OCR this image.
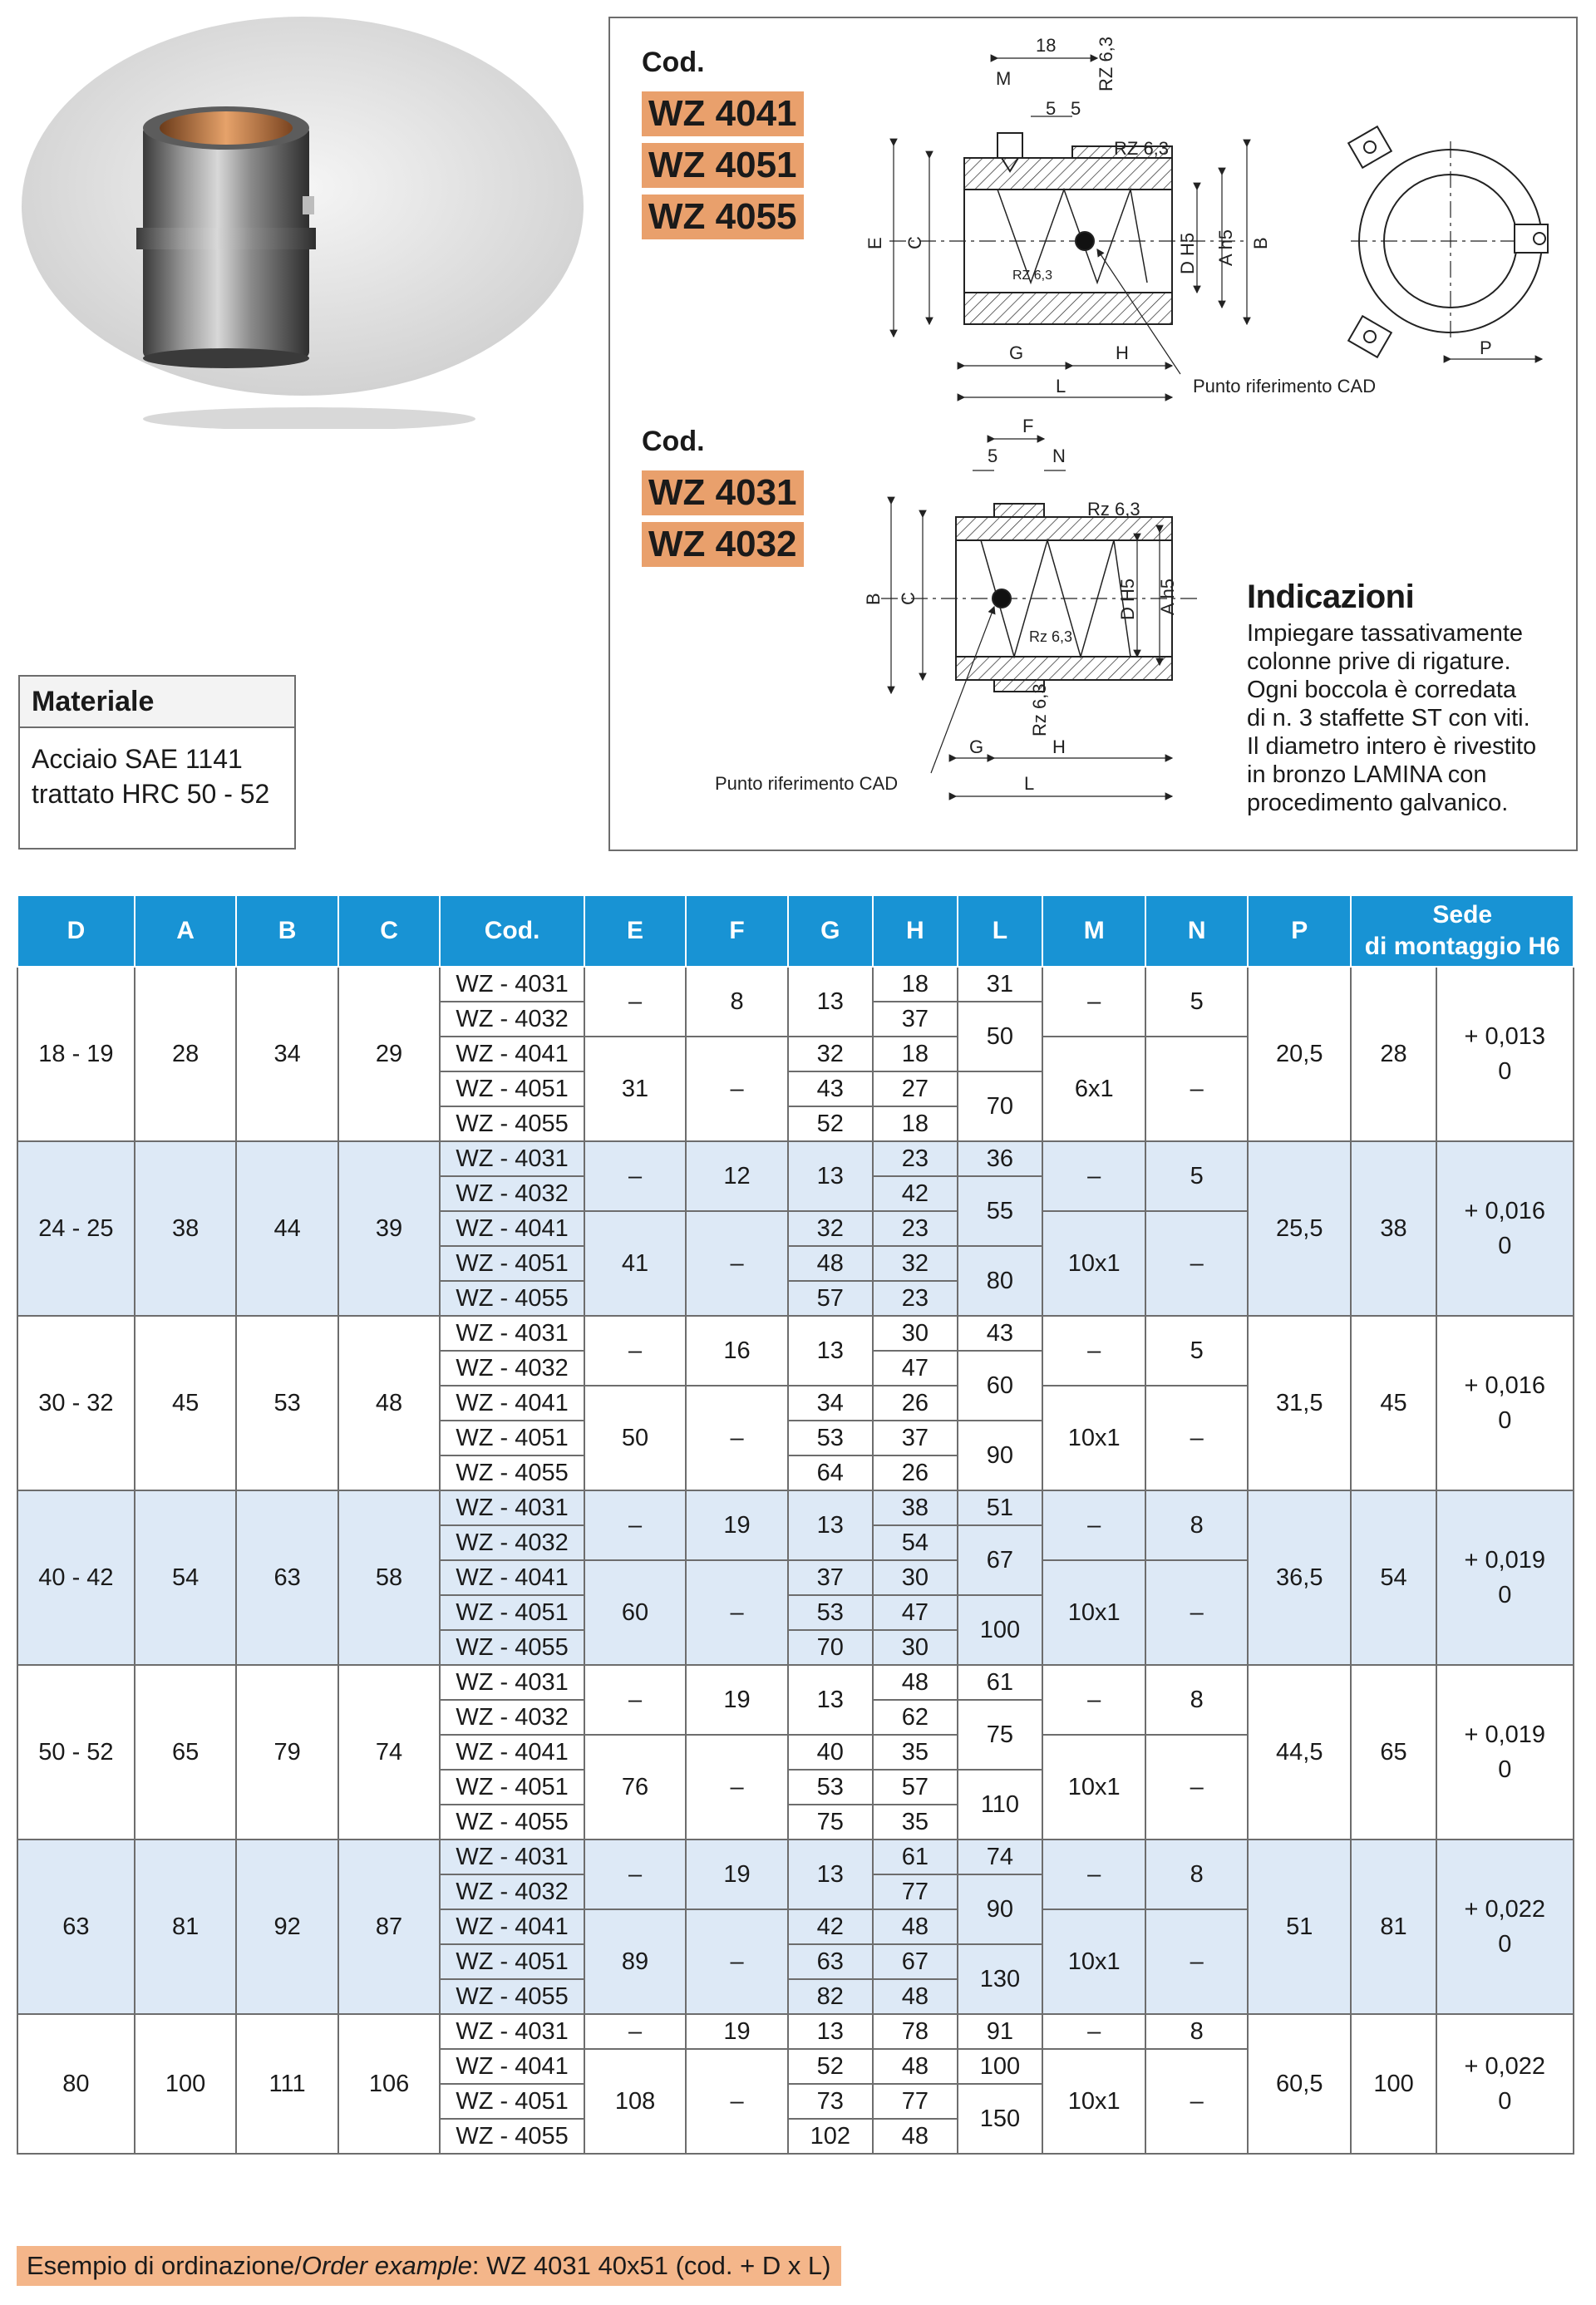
Materiale
Acciaio SAE 1141
trattato HRC 50 - 52
Cod.
WZ 4041
WZ 4051
WZ 4055
Cod.
WZ 4031
WZ 4032
18
M
5 5
RZ 6,3
RZ 6,3
RZ 6,3
E C	D H5 A h5 B
G	H
L	Punto riferimento CAD
P
F
5	N
Rz 6,3
Rz 6,3
Rz 6,3
B C	D H5 A h5
G	H
L
Punto riferimento CAD
Indicazioni
Impiegare tassativamente
colonne prive di rigature.
Ogni boccola è corredata
di n. 3 staffette ST con viti.
Il diametro intero è rivestito
in bronzo LAMINA con
procedimento galvanico.
D	A	B	C	Cod.	E	F	G	H	L	M	N	P	Sede
di montaggio H6	

18 - 19	28	34	29	WZ - 4031	–	8	13	18	31	–	5	20,5	28	+ 0,013
0

				WZ - 4032				37	50					
				WZ - 4041	31	–	32	18		6x1	–			
				WZ - 4051			43	27	70					
				WZ - 4055			52	18						
24 - 25	38	44	39	WZ - 4031	–	12	13	23	36	–	5	25,5	38	+ 0,016
0

				WZ - 4032				42	55					
				WZ - 4041	41	–	32	23		10x1	–			
				WZ - 4051			48	32	80					
				WZ - 4055			57	23						
30 - 32	45	53	48	WZ - 4031	–	16	13	30	43	–	5	31,5	45	+ 0,016
0

				WZ - 4032				47	60					
				WZ - 4041	50	–	34	26		10x1	–			
				WZ - 4051			53	37	90					
				WZ - 4055			64	26						
40 - 42	54	63	58	WZ - 4031	–	19	13	38	51	–	8	36,5	54	+ 0,019
0

				WZ - 4032				54	67					
				WZ - 4041	60	–	37	30		10x1	–			
				WZ - 4051			53	47	100					
				WZ - 4055			70	30						
50 - 52	65	79	74	WZ - 4031	–	19	13	48	61	–	8	44,5	65	+ 0,019
0

				WZ - 4032				62	75					
				WZ - 4041	76	–	40	35		10x1	–			
				WZ - 4051			53	57	110					
				WZ - 4055			75	35						
63	81	92	87	WZ - 4031	–	19	13	61	74	–	8	51	81	+ 0,022
0

				WZ - 4032				77	90					
				WZ - 4041	89	–	42	48		10x1	–			
				WZ - 4051			63	67	130					
				WZ - 4055			82	48						
80	100	111	106	WZ - 4031	–	19	13	78	91	–	8	60,5	100	+ 0,022
0

				WZ - 4041	108	–	52	48	100	10x1	–			
				WZ - 4051			73	77	150					
				WZ - 4055			102	48						
Esempio di ordinazione/Order example: WZ 4031 40x51 (cod. + D x L)
